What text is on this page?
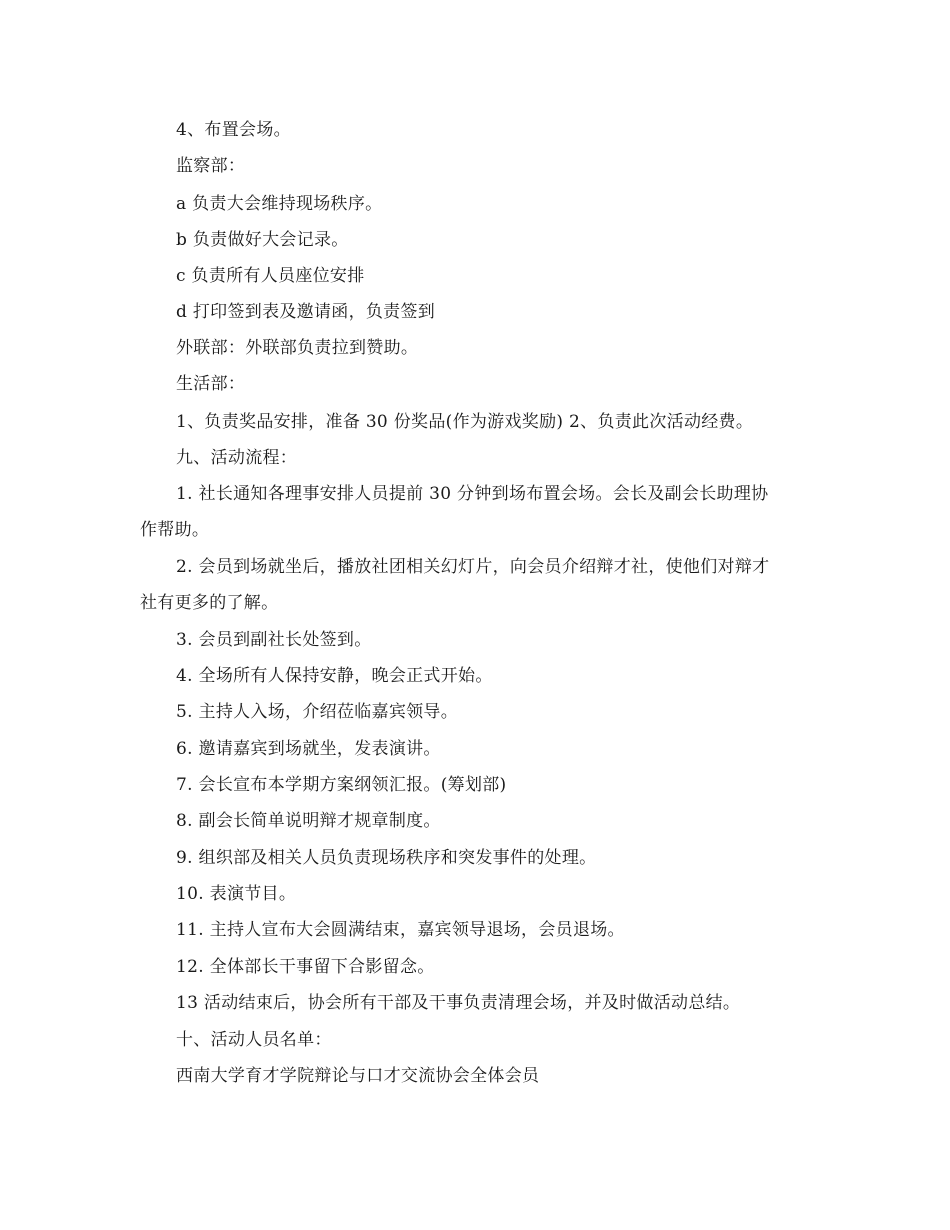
4、布置会场。
监察部：
a 负责大会维持现场秩序。
b 负责做好大会记录。
c 负责所有人员座位安排
d 打印签到表及邀请函，负责签到
外联部：外联部负责拉到赞助。
生活部：
1、负责奖品安排，准备 30 份奖品(作为游戏奖励) 2、负责此次活动经费。
九、活动流程：
1. 社长通知各理事安排人员提前 30 分钟到场布置会场。会长及副会长助理协
作帮助。
2. 会员到场就坐后，播放社团相关幻灯片，向会员介绍辩才社，使他们对辩才
社有更多的了解。
3. 会员到副社长处签到。
4. 全场所有人保持安静，晚会正式开始。
5. 主持人入场，介绍莅临嘉宾领导。
6. 邀请嘉宾到场就坐，发表演讲。
7. 会长宣布本学期方案纲领汇报。(筹划部)
8. 副会长简单说明辩才规章制度。
9. 组织部及相关人员负责现场秩序和突发事件的处理。
10. 表演节目。
11. 主持人宣布大会圆满结束，嘉宾领导退场，会员退场。
12. 全体部长干事留下合影留念。
13 活动结束后，协会所有干部及干事负责清理会场，并及时做活动总结。
十、活动人员名单：
西南大学育才学院辩论与口才交流协会全体会员
